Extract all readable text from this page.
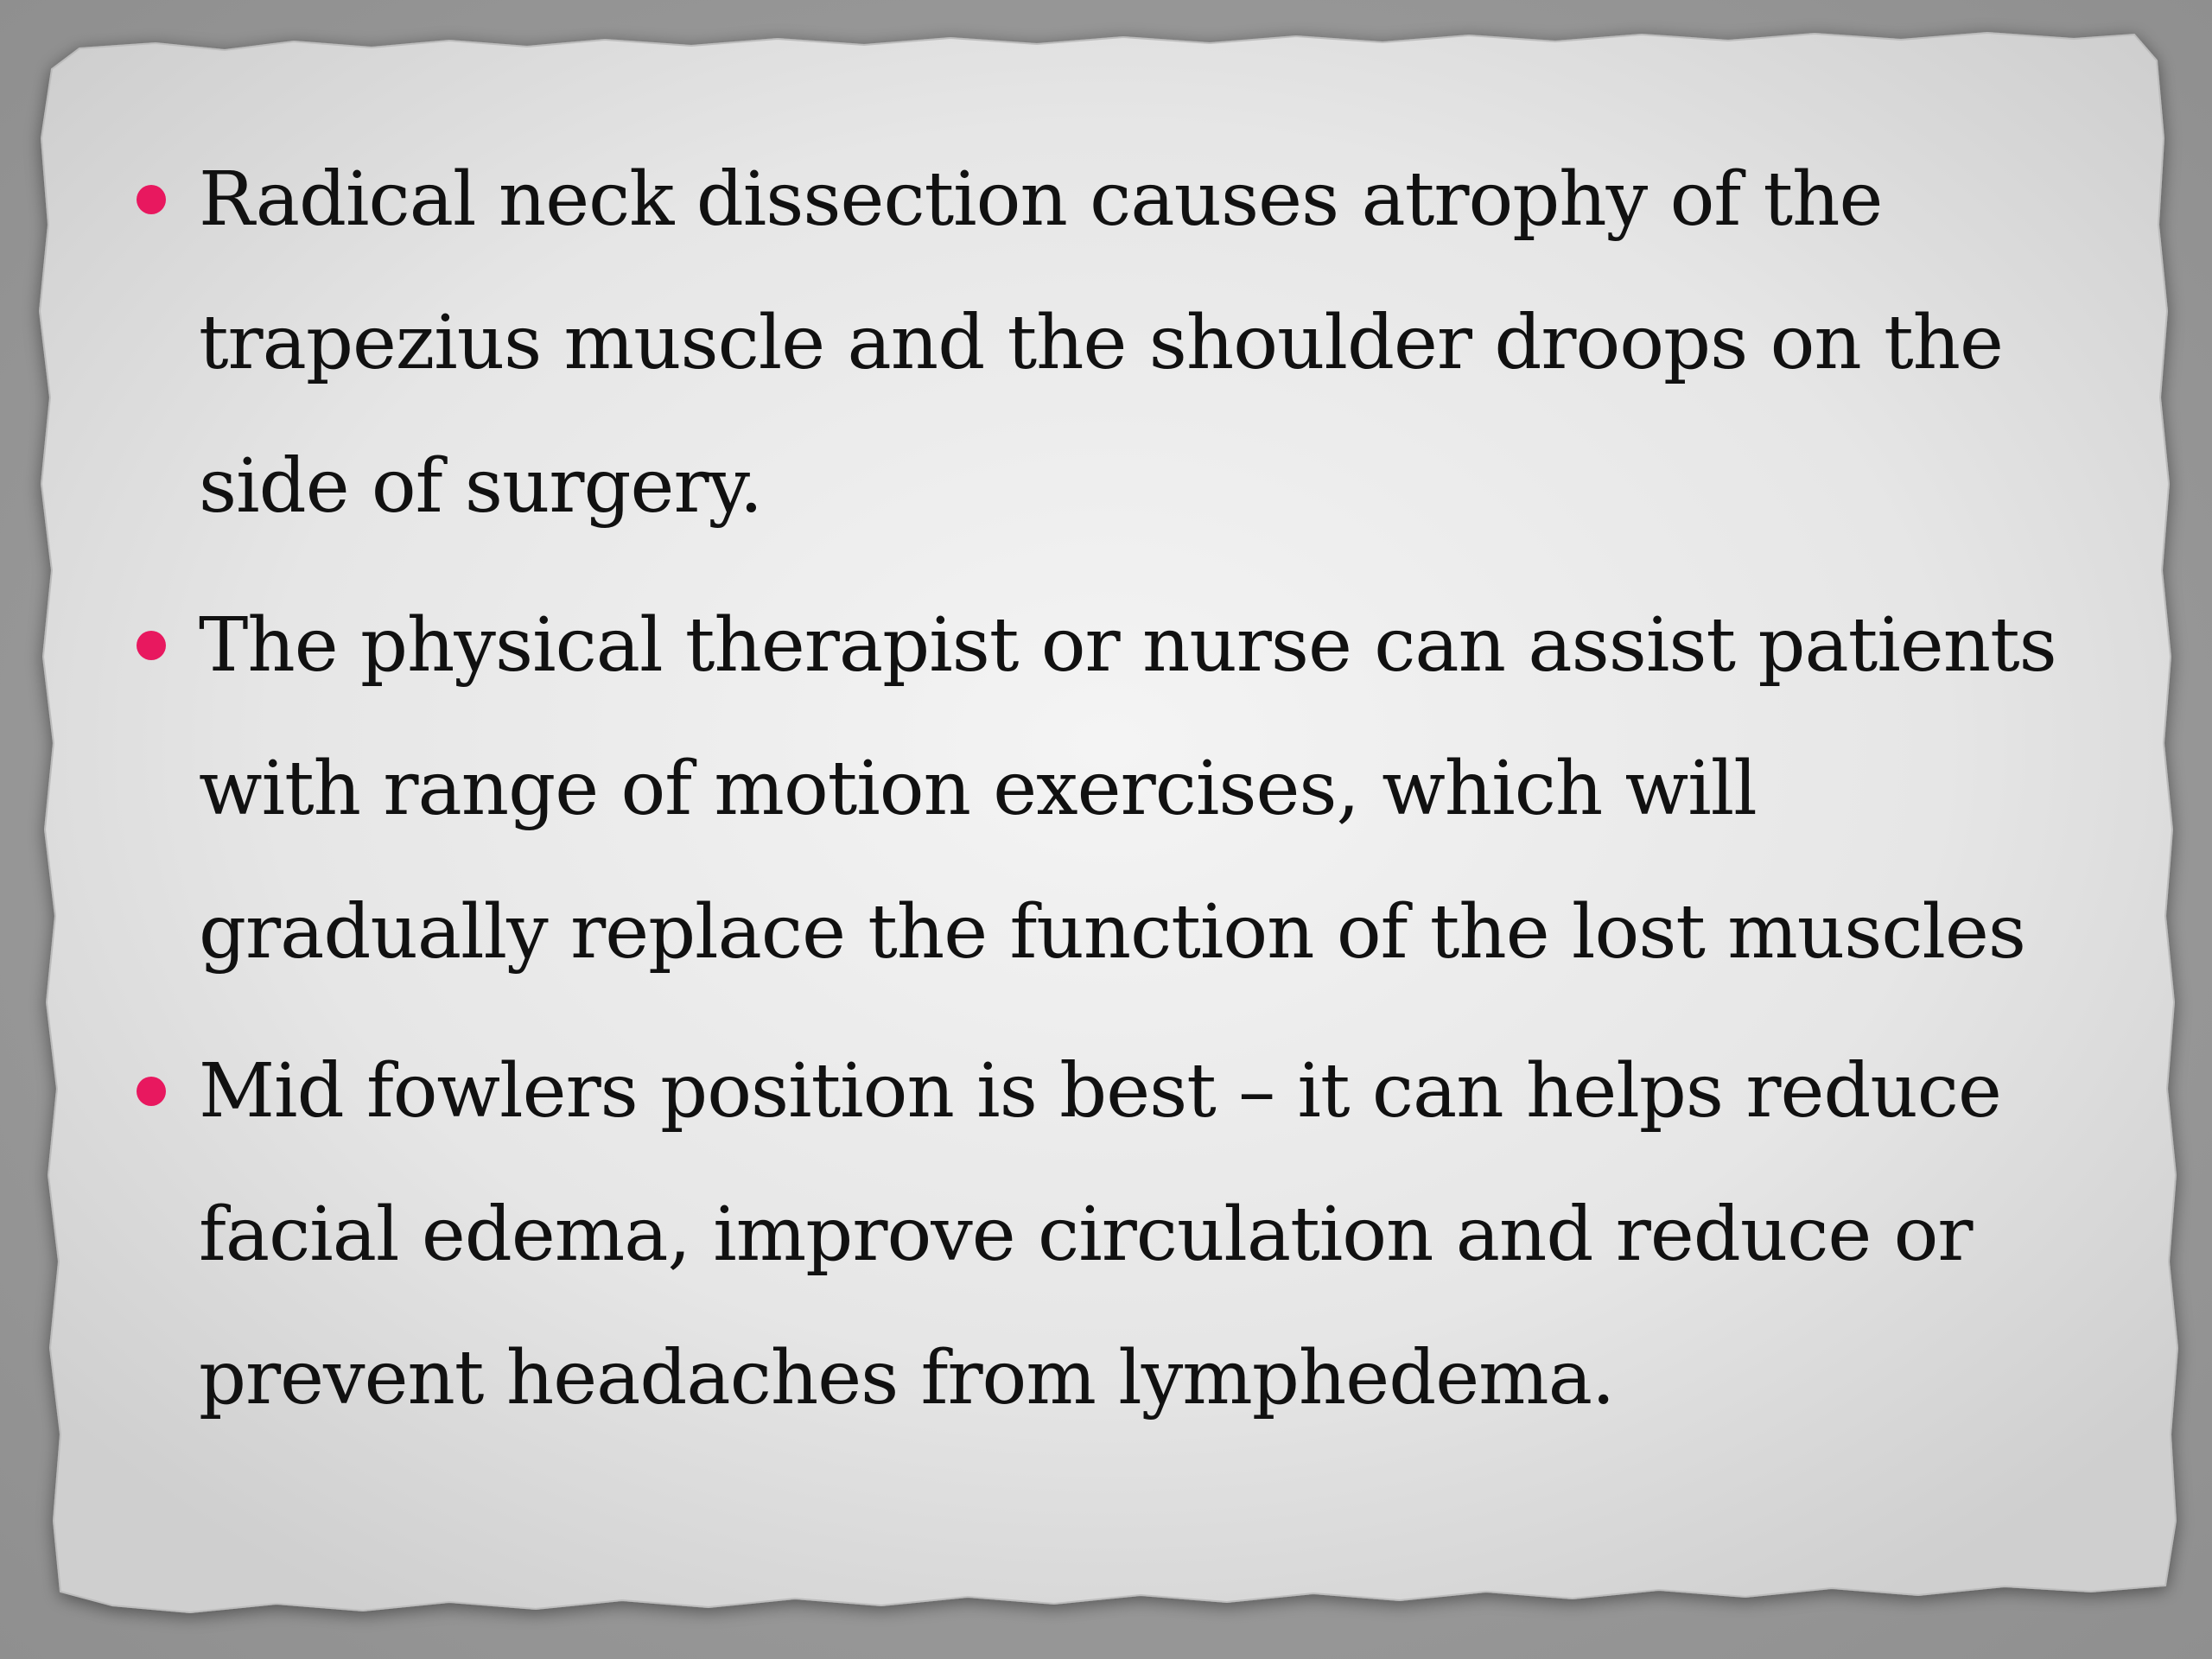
Radical neck dissection causes atrophy of the trapezius muscle and the shoulder droops on the side of surgery.
The physical therapist or nurse can assist patients with range of motion exercises, which will gradually replace the function of the lost muscles
Mid fowlers position is best – it can helps reduce facial edema, improve circulation and reduce or prevent headaches from lymphedema.
